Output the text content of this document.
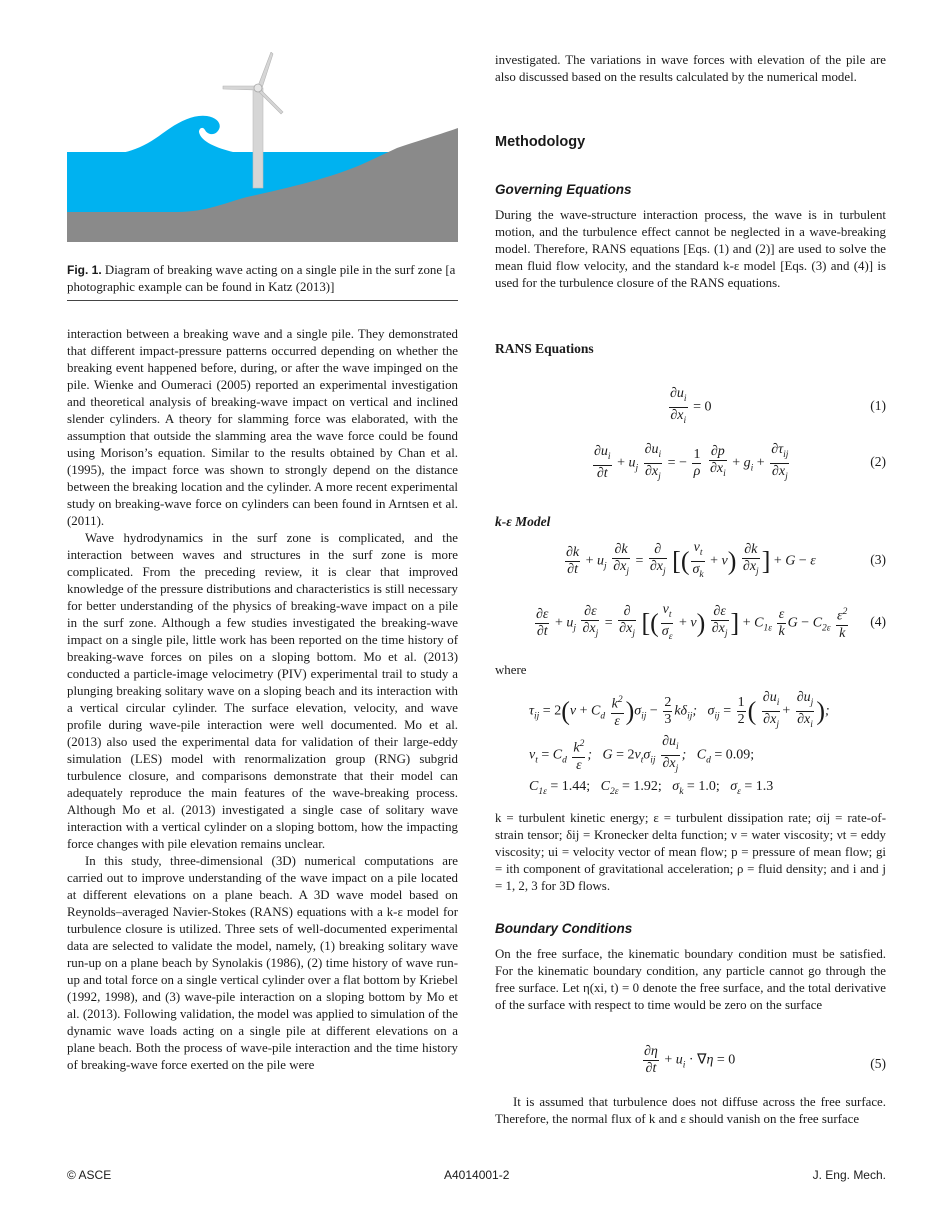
Fig. 1. Diagram of breaking wave acting on a single pile in the surf zone [a photographic example can be found in Katz (2013)]

interaction between a breaking wave and a single pile. They demonstrated that different impact-pressure patterns occurred depending on whether the breaking event happened before, during, or after the wave impinged on the pile. Wienke and Oumeraci (2005) reported an experimental investigation and theoretical analysis of breaking-wave impact on vertical and inclined slender cylinders. A theory for slamming force was elaborated, with the assumption that outside the slamming area the wave force could be found using Morison’s equation. Similar to the results obtained by Chan et al. (1995), the impact force was shown to strongly depend on the distance between the breaking location and the cylinder. A more recent experimental study on breaking-wave force on cylinders can been found in Arntsen et al. (2011).

Wave hydrodynamics in the surf zone is complicated, and the interaction between waves and structures in the surf zone is more complicated. From the preceding review, it is clear that improved knowledge of the pressure distributions and characteristics is still necessary for better understanding of the physics of breaking-wave impact on a pile in the surf zone. Although a few studies investigated the breaking-wave impact on a single pile, little work has been reported on the time history of breaking-wave forces on piles on a sloping bottom. Mo et al. (2013) conducted a particle-image velocimetry (PIV) experimental trail to study a plunging breaking solitary wave on a sloping beach and its interaction with a vertical circular cylinder. The surface elevation, velocity, and wave profile during wave-pile interaction were well documented. Mo et al. (2013) also used the experimental data for validation of their large-eddy simulation (LES) model with renormalization group (RNG) subgrid turbulence closure, and comparisons demonstrate that their model can adequately reproduce the main features of the wave-breaking process. Although Mo et al. (2013) investigated a single case of solitary wave interaction with a vertical cylinder on a sloping bottom, how the impacting force changes with pile elevation remains unclear.

In this study, three-dimensional (3D) numerical computations are carried out to improve understanding of the wave impact on a pile located at different elevations on a plane beach. A 3D wave model based on Reynolds–averaged Navier-Stokes (RANS) equations with a k-ε model for turbulence closure is utilized. Three sets of well-documented experimental data are selected to validate the model, namely, (1) breaking solitary wave run-up on a plane beach by Synolakis (1986), (2) time history of wave run-up and total force on a single vertical cylinder over a flat bottom by Kriebel (1992, 1998), and (3) wave-pile interaction on a sloping bottom by Mo et al. (2013). Following validation, the model was applied to simulation of the dynamic wave loads acting on a single pile at different elevations on a plane beach. Both the process of wave-pile interaction and the time history of breaking-wave force exerted on the pile were

investigated. The variations in wave forces with elevation of the pile are also discussed based on the results calculated by the numerical model.

Methodology
Governing Equations

During the wave-structure interaction process, the wave is in turbulent motion, and the turbulence effect cannot be neglected in a wave-breaking model. Therefore, RANS equations [Eqs. (1) and (2)] are used to solve the mean fluid flow velocity, and the standard k-ε model [Eqs. (3) and (4)] is used for the turbulence closure of the RANS equations.

RANS Equations
$\frac{\partial u_i}{\partial x_i} = 0$	(1)
$\frac{\partial u_i}{\partial t} + u_j \frac{\partial u_i}{\partial x_j}$ = − $\frac{1}{\rho}$
$\frac{\partial p}{\partial x_i} + g_i + \frac{\partial\tau_{ij}}{\partial x_j}$	(2)
k-ε Model
$\frac{\partial k}{\partial t} + u_j \frac{\partial k}{\partial x_j} = \frac{\partial}{\partial x_j}$ [( $\frac{\nu_t}{\sigma_k} + \nu) \frac{\partial k}{\partial x_j}$ ] + G − ε	(3)
$\frac{\partial\varepsilon}{\partial t} + u_j \frac{\partial\varepsilon}{\partial x_j} = \frac{\partial}{\partial x_j}$ [( $\frac{\nu_t}{\sigma_\varepsilon} + \nu) \frac{\partial\varepsilon}{\partial x_j}$ ] + $C_{1\varepsilon} \frac{\varepsilon}{k}$ $G - C_{2\varepsilon} \frac{\varepsilon^2}{k} (4)$

where

$\tau_{ij} = 2(\nu + C_d \frac{k^2}{\varepsilon} )\sigma_{ij} - \frac{2}{3} k\delta_{ij}$;   $\sigma_{ij} = \frac{1}{2}$ ( $\frac{\partial u_i}{\partial x_j} + \frac{\partial u_j}{\partial x_i}$ );
$\nu_t = C_d \frac{k^2}{\varepsilon}$ ;   $G = 2\nu_t\sigma_{ij} \frac{\partial u_i}{\partial x_j}$ ;   $C_d = 0.09$;
$C_{1\varepsilon} = 1.44$;   $C_{2\varepsilon} = 1.92$;   $\sigma_k = 1.0$;   $\sigma_\varepsilon = 1.3$

k = turbulent kinetic energy; ε = turbulent dissipation rate; σij = rate-of-strain tensor; δij = Kronecker delta function; ν = water viscosity; νt = eddy viscosity; ui = velocity vector of mean flow; p = pressure of mean flow; gi = ith component of gravitational acceleration; ρ = fluid density; and i and j = 1, 2, 3 for 3D flows.

Boundary Conditions

On the free surface, the kinematic boundary condition must be satisfied. For the kinematic boundary condition, any particle cannot go through the free surface. Let η(xi, t) = 0 denote the free surface, and the total derivative of the surface with respect to time would be zero on the surface

$\frac{\partial\eta}{\partial t} + u_i \cdot \nabla\eta = 0$	(5)

It is assumed that turbulence does not diffuse across the free surface. Therefore, the normal flux of k and ε should vanish on the free surface

© ASCE	A4014001-2	J. Eng. Mech.
